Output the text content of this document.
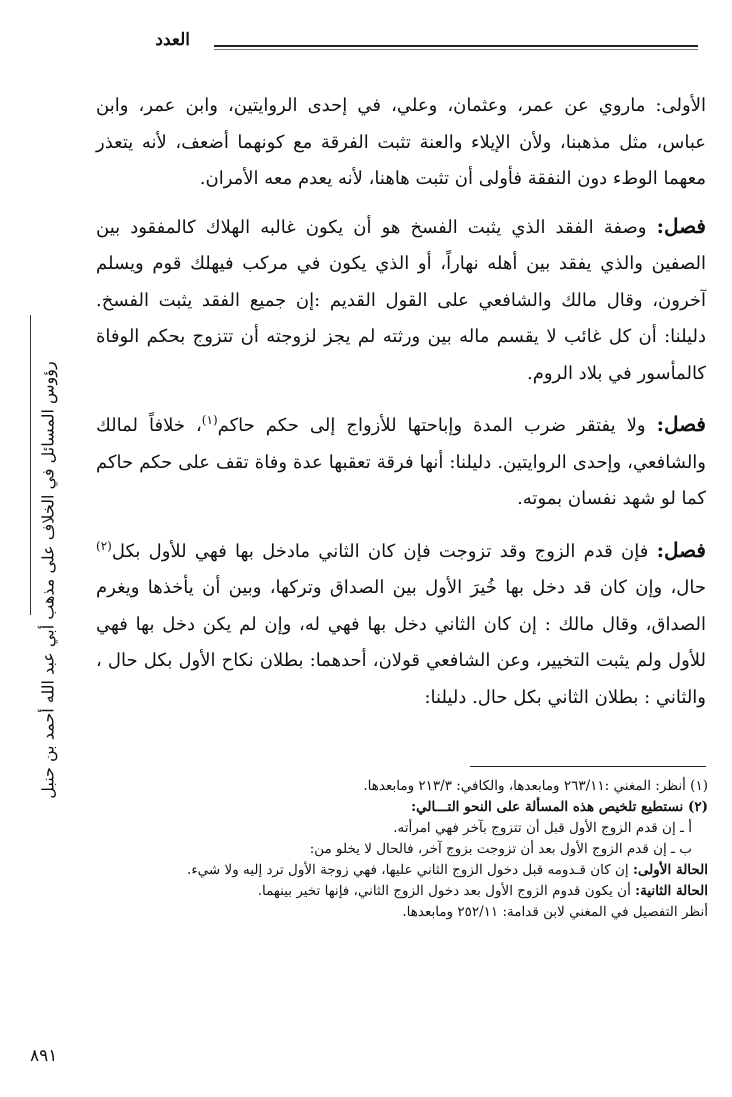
العدد

الأولى: ماروي عن عمر، وعثمان، وعلي، في إحدى الروايتين، وابن عمر، وابن عباس، مثل مذهبنا، ولأن الإيلاء والعنة تثبت الفرقة مع كونهما أضعف، لأنه يتعذر معهما الوطء دون النفقة فأولى أن تثبت هاهنا، لأنه يعدم معه الأمران.

فصل: وصفة الفقد الذي يثبت الفسخ هو أن يكون غالبه الهلاك كالمفقود بين الصفين والذي يفقد بين أهله نهاراً، أو الذي يكون في مركب فيهلك قوم ويسلم آخرون، وقال مالك والشافعي على القول القديم :إن جميع الفقد يثبت الفسخ. دليلنا: أن كل غائب لا يقسم ماله بين ورثته لم يجز لزوجته أن تتزوج بحكم الوفاة كالمأسور في بلاد الروم.

فصل: ولا يفتقر ضرب المدة وإباحتها للأزواج إلى حكم حاكم$^{(١)}$، خلافاً لمالك والشافعي، وإحدى الروايتين. دليلنا: أنها فرقة تعقبها عدة وفاة تقف على حكم حاكم كما لو شهد نفسان بموته.

فصل: فإن قدم الزوج وقد تزوجت فإن كان الثاني مادخل بها فهي للأول بكل$^{(٢)}$ حال، وإن كان قد دخل بها خُيرَ الأول بين الصداق وتركها، وبين أن يأخذها ويغرم الصداق، وقال مالك : إن كان الثاني دخل بها فهي له، وإن لم يكن دخل بها فهي للأول ولم يثبت التخيير، وعن الشافعي قولان، أحدهما: بطلان نكاح الأول بكل حال ، والثاني : بطلان الثاني بكل حال. دليلنا:

رؤوس المسائل في الخلاف على مذهب أبي عبد الله أحمد بن حنبل	(١) أنظر: المغني :٢٦٣/١١ ومابعدها، والكافي: ٢١٣/٣ ومابعدها.

(٢) نستطيع تلخيص هذه المسألة على النحو التـــالي:

أ ـ إن قدم الزوج الأول قبل أن تتزوج بآخر فهي امرأته.

ب ـ إن قدم الزوج الأول بعد أن تزوجت بزوج آخر، فالحال لا يخلو من:

الحالة الأولى: إن كان قـدومه قبل دخول الزوج الثاني عليها، فهي زوجة الأول ترد إليه ولا شيء.

الحالة الثانية: أن يكون قدوم الزوج الأول بعد دخول الزوج الثاني، فإنها تخير بينهما.

أنظر التفصيل في المغني لابن قدامة: ٢٥٢/١١ ومابعدها.

٨٩١
